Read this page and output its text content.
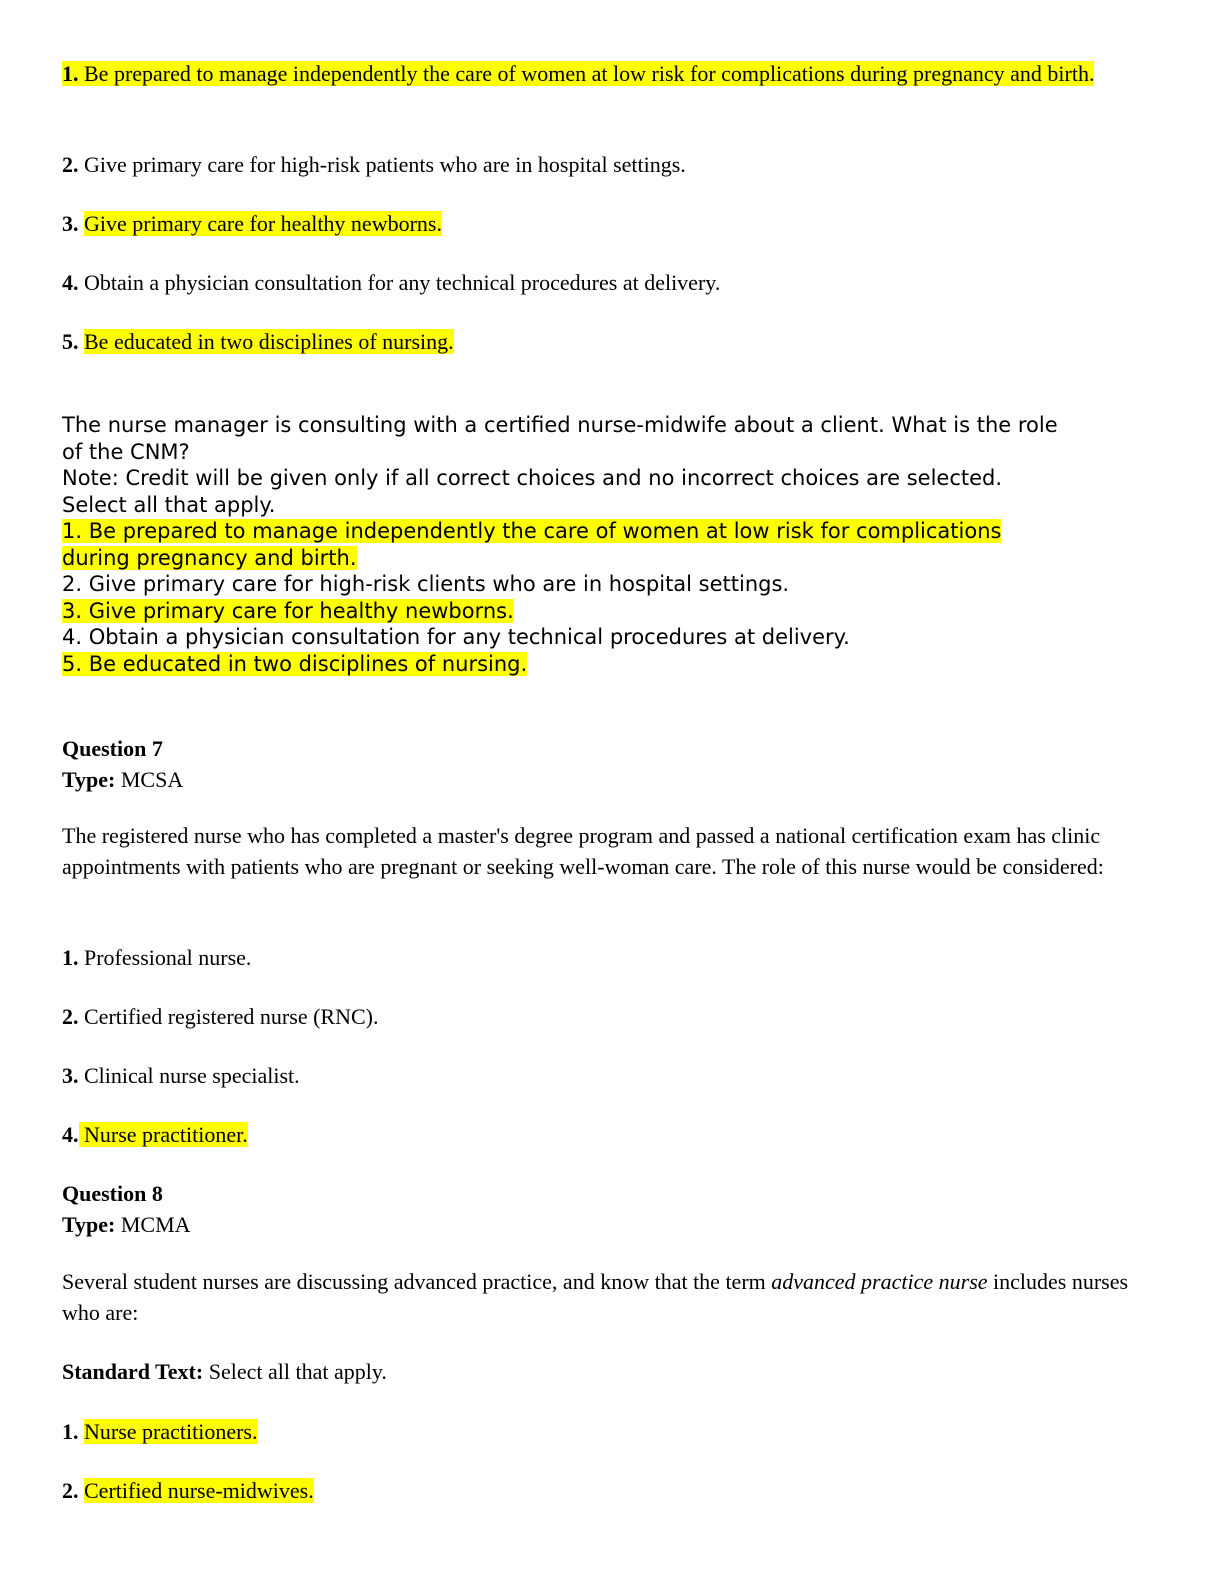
1. Be prepared to manage independently the care of women at low risk for complications during pregnancy and birth.

2. Give primary care for high-risk patients who are in hospital settings.

3. Give primary care for healthy newborns.

4. Obtain a physician consultation for any technical procedures at delivery.

5. Be educated in two disciplines of nursing.

The nurse manager is consulting with a certified nurse-midwife about a client. What is the role
of the CNM?
Note: Credit will be given only if all correct choices and no incorrect choices are selected.
Select all that apply.
1. Be prepared to manage independently the care of women at low risk for complications
during pregnancy and birth.
2. Give primary care for high-risk clients who are in hospital settings.
3. Give primary care for healthy newborns.
4. Obtain a physician consultation for any technical procedures at delivery.
5. Be educated in two disciplines of nursing.
Question 7
Type: MCSA

The registered nurse who has completed a master's degree program and passed a national certification exam has clinic appointments with patients who are pregnant or seeking well-woman care. The role of this nurse would be considered:

1. Professional nurse.

2. Certified registered nurse (RNC).

3. Clinical nurse specialist.

4. Nurse practitioner.

Question 8
Type: MCMA

Several student nurses are discussing advanced practice, and know that the term advanced practice nurse includes nurses who are:

Standard Text: Select all that apply.

1. Nurse practitioners.

2. Certified nurse-midwives.
